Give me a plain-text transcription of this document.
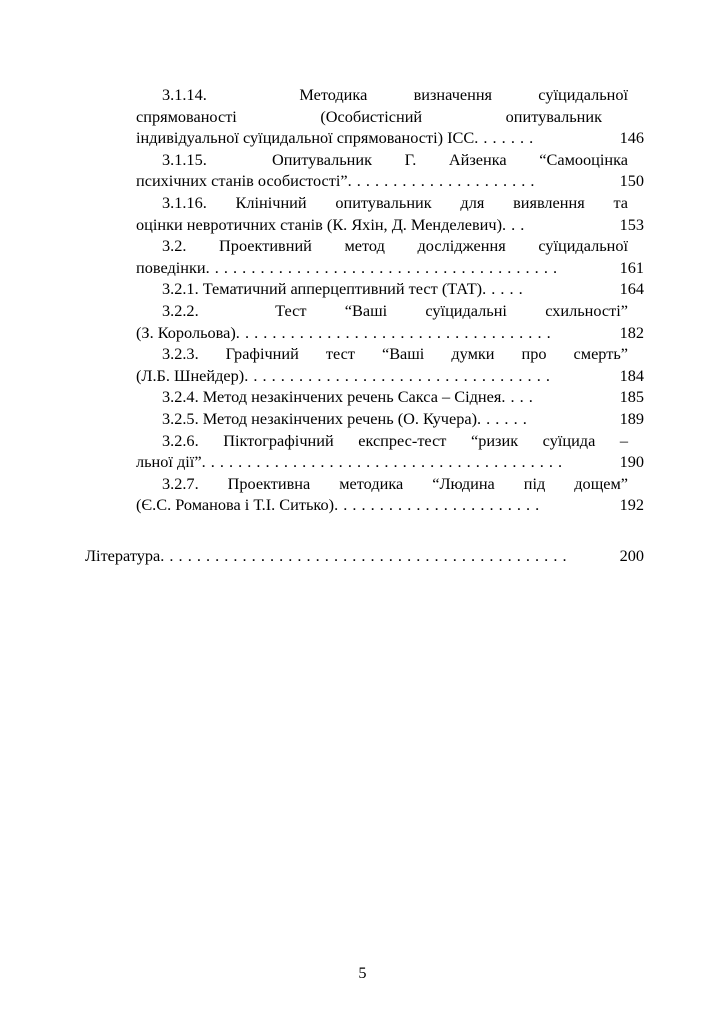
3.1.14.  Методика визначення суїцидальної
спрямованості (Особистісний опитувальник
індивідуальної суїцидальної спрямованості) ІСС . . . . . . .	146
3.1.15.  Опитувальник Г. Айзенка “Самооцінка
психічних станів особистості” . . . . . . . . . . . . . . . . . . . . .	150
3.1.16. Клінічний опитувальник для виявлення та
оцінки невротичних станів (К. Яхін, Д. Менделевич) . . .	153
3.2. Проективний метод дослідження суїцидальної
поведінки . . . . . . . . . . . . . . . . . . . . . . . . . . . . . . . . . . . . . . .	161
3.2.1. Тематичний апперцептивний тест (ТАТ) . . . . .	164
3.2.2.  Тест “Ваші суїцидальні схильності”
(З. Корольова) . . . . . . . . . . . . . . . . . . . . . . . . . . . . . . . . . . .	182
3.2.3. Графічний тест “Ваші думки про смерть”
(Л.Б. Шнейдер) . . . . . . . . . . . . . . . . . . . . . . . . . . . . . . . . . .	184
3.2.4. Метод незакінчених речень Сакса – Сіднея . . . .	185
3.2.5. Метод незакінчених речень (О. Кучера) . . . . . .	189
3.2.6. Піктографічний експрес-тест “ризик суїцида –
льної дії” . . . . . . . . . . . . . . . . . . . . . . . . . . . . . . . . . . . . . . . .	190
3.2.7. Проективна методика “Людина під дощем”
(Є.С. Романова і Т.І. Ситько) . . . . . . . . . . . . . . . . . . . . . . .	192
Література . . . . . . . . . . . . . . . . . . . . . . . . . . . . . . . . . . . . . . . . . . . . .	200
5
